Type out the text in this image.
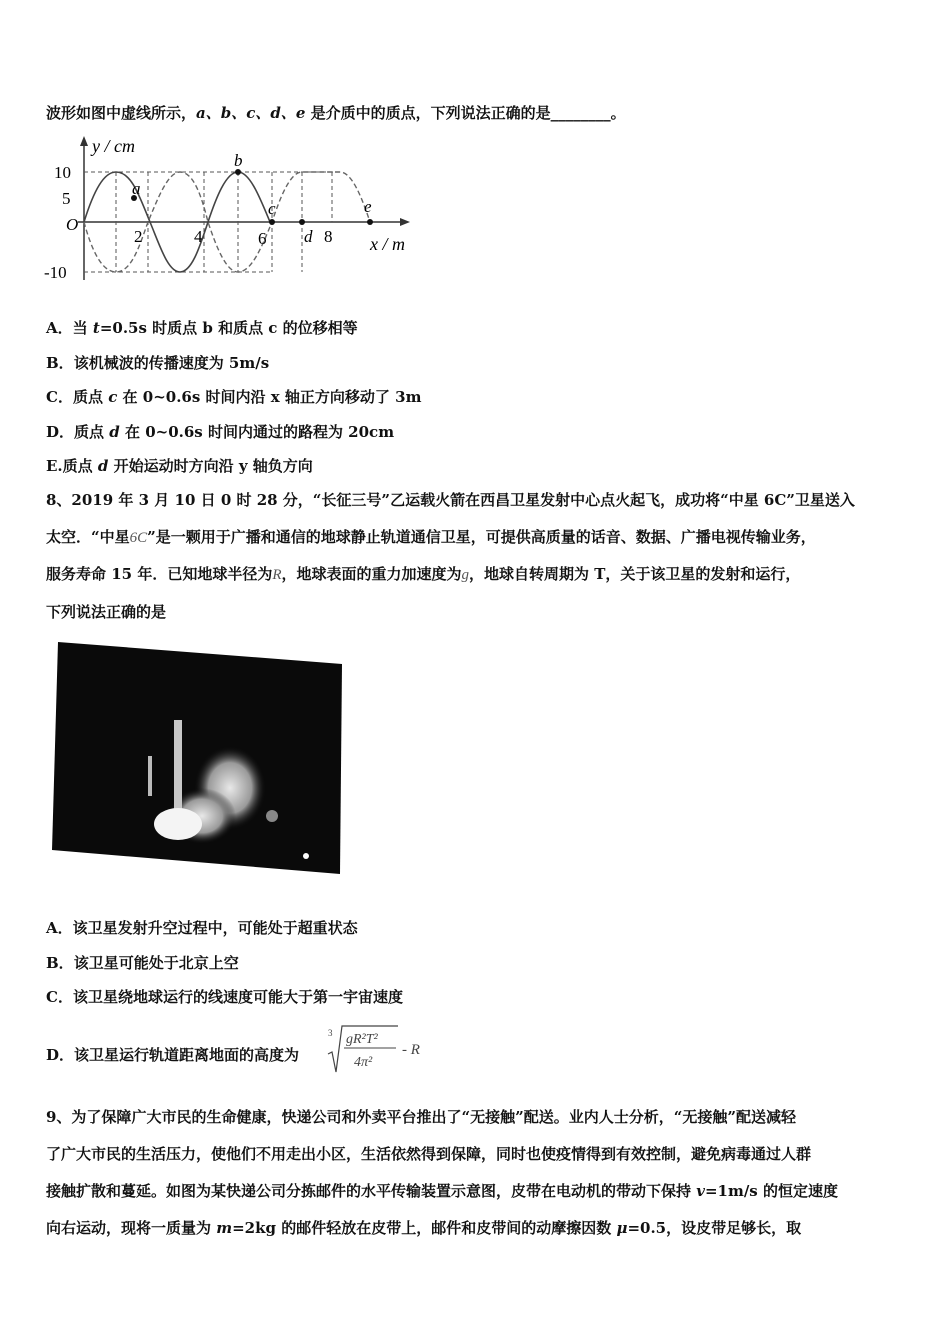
波形如图中虚线所示，a、b、c、d、e 是介质中的质点，下列说法正确的是________。
y / cm
x / m
O
10
5
-10
2	4	6	8
a
b
c
d
e
A．当 t=0.5s 时质点 b 和质点 c 的位移相等
B．该机械波的传播速度为 5m/s
C．质点 c 在 0~0.6s 时间内沿 x 轴正方向移动了 3m
D．质点 d 在 0~0.6s 时间内通过的路程为 20cm
E.质点 d 开始运动时方向沿 y 轴负方向
8、2019 年 3 月 10 日 0 时 28 分，“长征三号”乙运载火箭在西昌卫星发射中心点火起飞，成功将“中星 6C”卫星送入
太空．“中星6C”是一颗用于广播和通信的地球静止轨道通信卫星，可提供高质量的话音、数据、广播电视传输业务，
服务寿命 15 年．已知地球半径为R，地球表面的重力加速度为g，地球自转周期为 T，关于该卫星的发射和运行，
下列说法正确的是
A．该卫星发射升空过程中，可能处于超重状态
B．该卫星可能处于北京上空
C．该卫星绕地球运行的线速度可能大于第一宇宙速度
D．该卫星运行轨道距离地面的高度为
3 gR²T²
4π²
- R
9、为了保障广大市民的生命健康，快递公司和外卖平台推出了“无接触”配送。业内人士分析，“无接触”配送减轻
了广大市民的生活压力，使他们不用走出小区，生活依然得到保障，同时也使疫情得到有效控制，避免病毒通过人群
接触扩散和蔓延。如图为某快递公司分拣邮件的水平传输装置示意图，皮带在电动机的带动下保持 v=1m/s 的恒定速度
向右运动，现将一质量为 m=2kg 的邮件轻放在皮带上，邮件和皮带间的动摩擦因数 μ=0.5，设皮带足够长，取
